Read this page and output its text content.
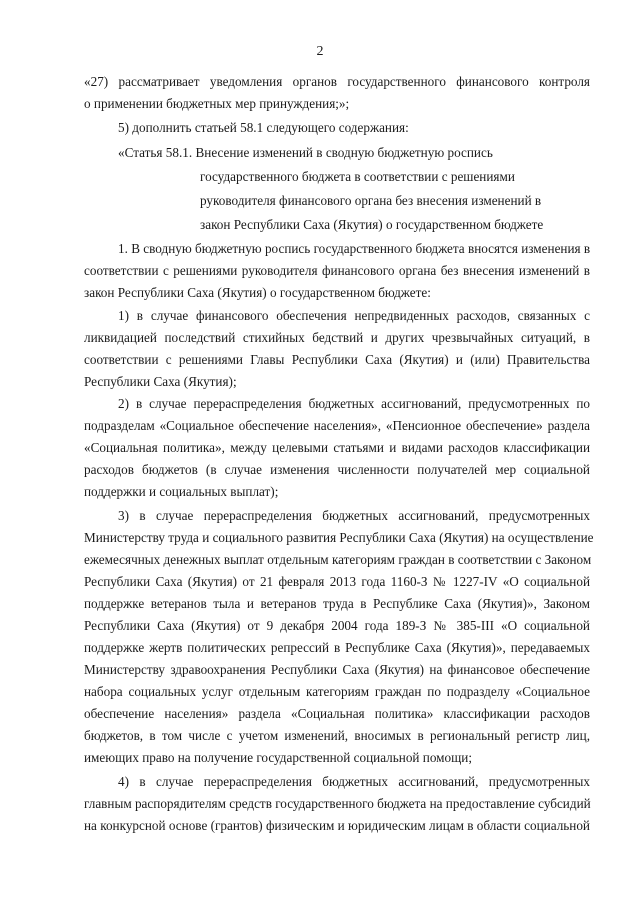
2

«27) рассматривает уведомления органов государственного финансового контроля

о применении бюджетных мер принуждения;»;

5) дополнить статьей 58.1 следующего содержания:

«Статья 58.1. Внесение изменений в сводную бюджетную роспись

государственного бюджета в соответствии с решениями

руководителя финансового органа без внесения изменений в

закон Республики Саха (Якутия) о государственном бюджете

1. В сводную бюджетную роспись государственного бюджета вносятся изменения в

соответствии с решениями руководителя финансового органа без внесения изменений в

закон Республики Саха (Якутия) о государственном бюджете:

1) в случае финансового обеспечения непредвиденных расходов, связанных с

ликвидацией последствий стихийных бедствий и других чрезвычайных ситуаций, в

соответствии с решениями Главы Республики Саха (Якутия) и (или) Правительства

Республики Саха (Якутия);

2) в случае перераспределения бюджетных ассигнований, предусмотренных по

подразделам «Социальное обеспечение населения», «Пенсионное обеспечение» раздела

«Социальная политика», между целевыми статьями и видами расходов классификации

расходов бюджетов (в случае изменения численности получателей мер социальной

поддержки и социальных выплат);

3) в случае перераспределения бюджетных ассигнований, предусмотренных

Министерству труда и социального развития Республики Саха (Якутия) на осуществление

ежемесячных денежных выплат отдельным категориям граждан в соответствии с Законом

Республики Саха (Якутия) от 21 февраля 2013 года 1160-З № 1227-IV «О социальной

поддержке ветеранов тыла и ветеранов труда в Республике Саха (Якутия)», Законом

Республики Саха (Якутия) от 9 декабря 2004 года 189-З № 385-III «О социальной

поддержке жертв политических репрессий в Республике Саха (Якутия)», передаваемых

Министерству здравоохранения Республики Саха (Якутия) на финансовое обеспечение

набора социальных услуг отдельным категориям граждан по подразделу «Социальное

обеспечение населения» раздела «Социальная политика» классификации расходов

бюджетов, в том числе с учетом изменений, вносимых в региональный регистр лиц,

имеющих право на получение государственной социальной помощи;

4) в случае перераспределения бюджетных ассигнований, предусмотренных

главным распорядителям средств государственного бюджета на предоставление субсидий

на конкурсной основе (грантов) физическим и юридическим лицам в области социальной
